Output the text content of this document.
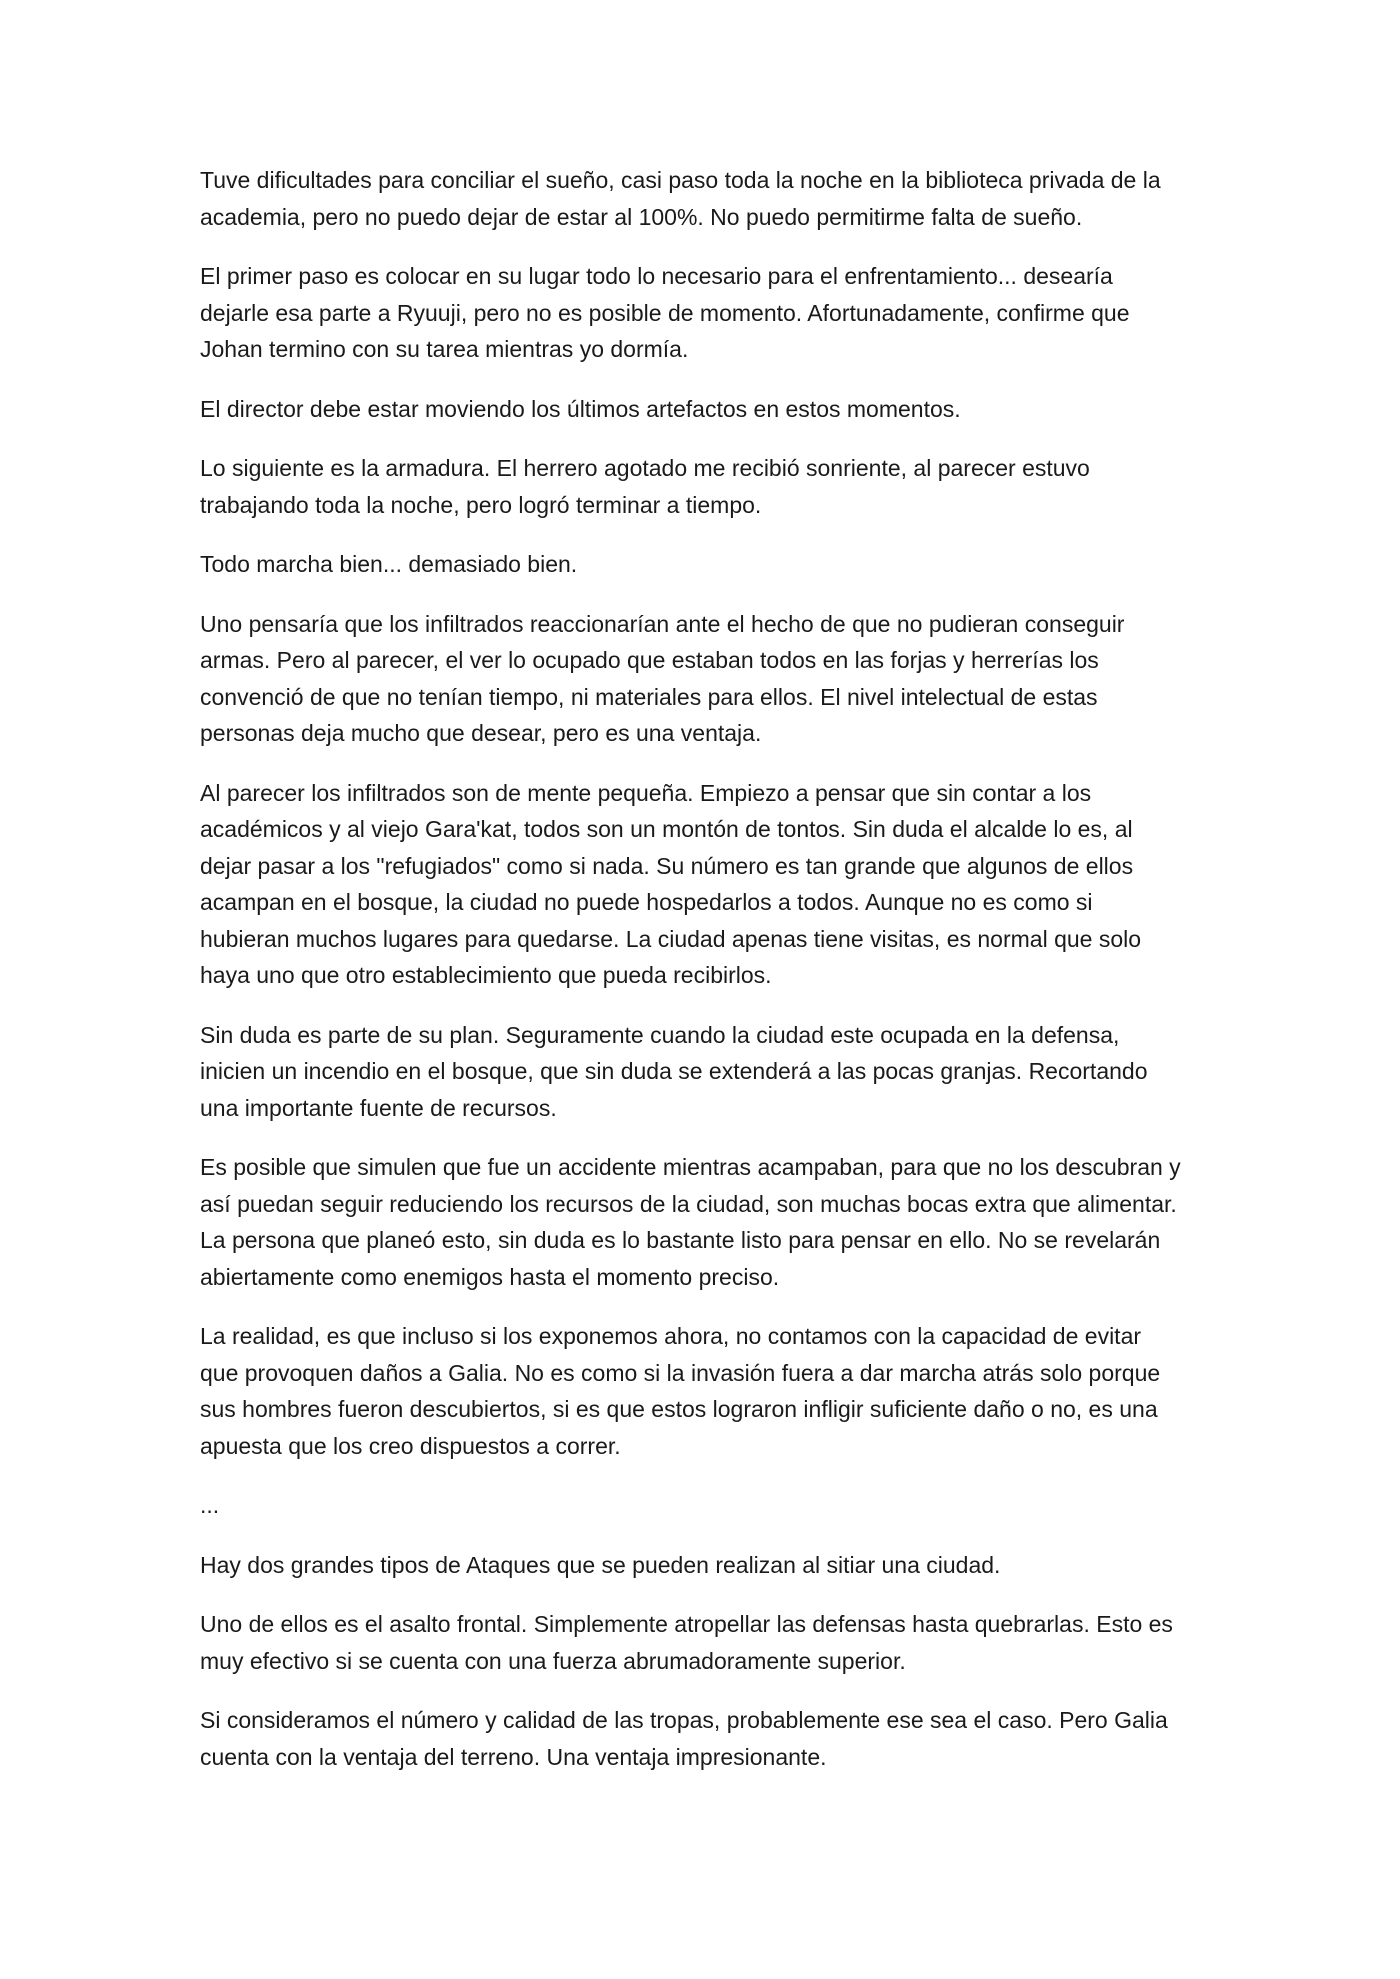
Tuve dificultades para conciliar el sueño, casi paso toda la noche en la biblioteca privada de la
academia, pero no puedo dejar de estar al 100%. No puedo permitirme falta de sueño.

El primer paso es colocar en su lugar todo lo necesario para el enfrentamiento... desearía
dejarle esa parte a Ryuuji, pero no es posible de momento. Afortunadamente, confirme que
Johan termino con su tarea mientras yo dormía.

El director debe estar moviendo los últimos artefactos en estos momentos.

Lo siguiente es la armadura. El herrero agotado me recibió sonriente, al parecer estuvo
trabajando toda la noche, pero logró terminar a tiempo.

Todo marcha bien... demasiado bien.

Uno pensaría que los infiltrados reaccionarían ante el hecho de que no pudieran conseguir
armas. Pero al parecer, el ver lo ocupado que estaban todos en las forjas y herrerías los
convenció de que no tenían tiempo, ni materiales para ellos. El nivel intelectual de estas
personas deja mucho que desear, pero es una ventaja.

Al parecer los infiltrados son de mente pequeña. Empiezo a pensar que sin contar a los
académicos y al viejo Gara'kat, todos son un montón de tontos. Sin duda el alcalde lo es, al
dejar pasar a los "refugiados" como si nada. Su número es tan grande que algunos de ellos
acampan en el bosque, la ciudad no puede hospedarlos a todos. Aunque no es como si
hubieran muchos lugares para quedarse. La ciudad apenas tiene visitas, es normal que solo
haya uno que otro establecimiento que pueda recibirlos.

Sin duda es parte de su plan. Seguramente cuando la ciudad este ocupada en la defensa,
inicien un incendio en el bosque, que sin duda se extenderá a las pocas granjas. Recortando
una importante fuente de recursos.

Es posible que simulen que fue un accidente mientras acampaban, para que no los descubran y
así puedan seguir reduciendo los recursos de la ciudad, son muchas bocas extra que alimentar.
La persona que planeó esto, sin duda es lo bastante listo para pensar en ello. No se revelarán
abiertamente como enemigos hasta el momento preciso.

La realidad, es que incluso si los exponemos ahora, no contamos con la capacidad de evitar
que provoquen daños a Galia. No es como si la invasión fuera a dar marcha atrás solo porque
sus hombres fueron descubiertos, si es que estos lograron infligir suficiente daño o no, es una
apuesta que los creo dispuestos a correr.

...

Hay dos grandes tipos de Ataques que se pueden realizan al sitiar una ciudad.

Uno de ellos es el asalto frontal. Simplemente atropellar las defensas hasta quebrarlas. Esto es
muy efectivo si se cuenta con una fuerza abrumadoramente superior.

Si consideramos el número y calidad de las tropas, probablemente ese sea el caso. Pero Galia
cuenta con la ventaja del terreno. Una ventaja impresionante.
